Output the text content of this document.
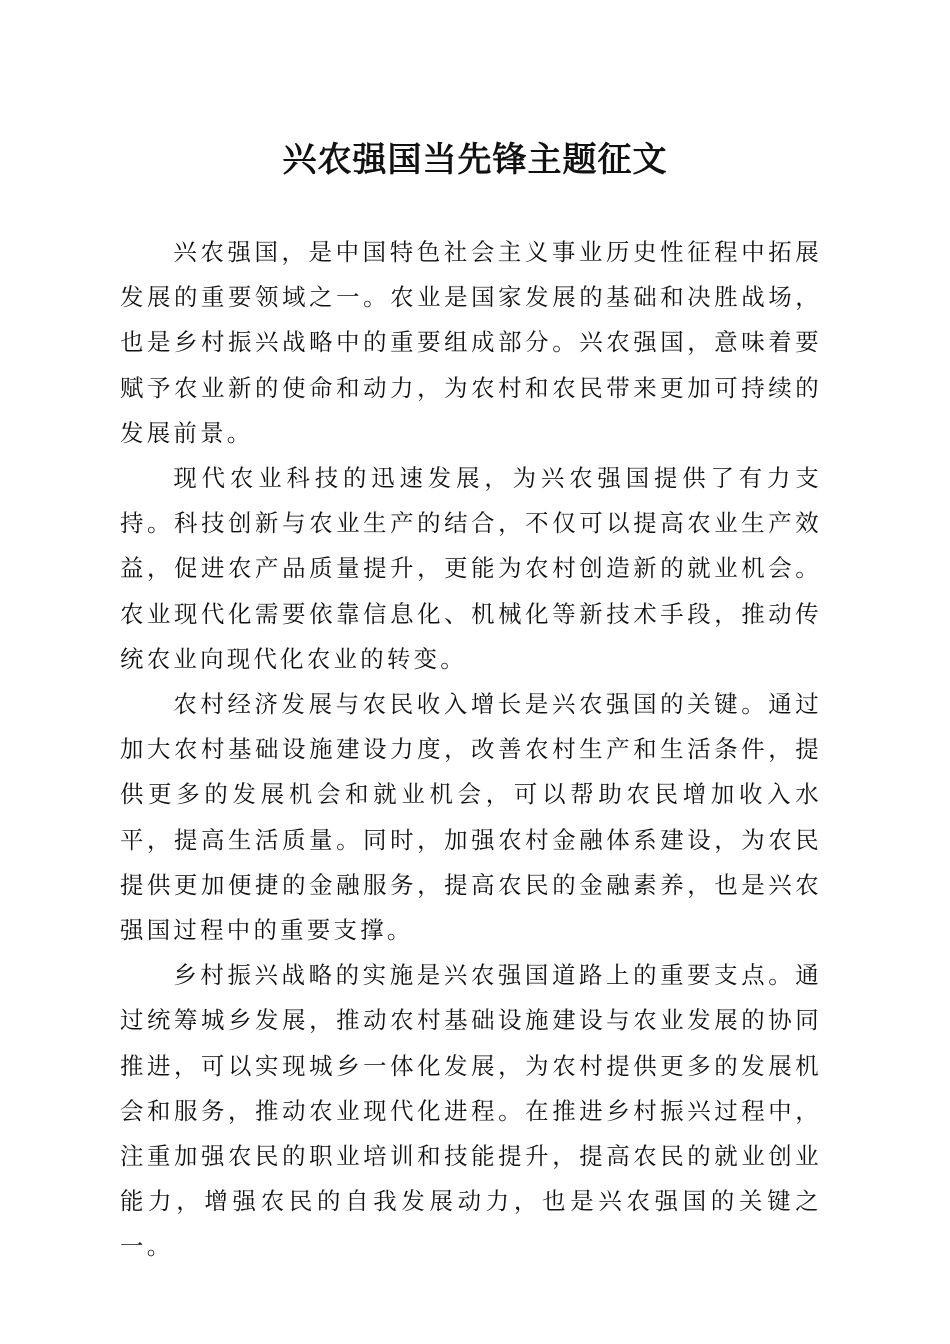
兴农强国当先锋主题征文

兴农强国，是中国特色社会主义事业历史性征程中拓展发展的重要领域之一。农业是国家发展的基础和决胜战场，也是乡村振兴战略中的重要组成部分。兴农强国，意味着要赋予农业新的使命和动力，为农村和农民带来更加可持续的发展前景。

现代农业科技的迅速发展，为兴农强国提供了有力支持。科技创新与农业生产的结合，不仅可以提高农业生产效益，促进农产品质量提升，更能为农村创造新的就业机会。农业现代化需要依靠信息化、机械化等新技术手段，推动传统农业向现代化农业的转变。

农村经济发展与农民收入增长是兴农强国的关键。通过加大农村基础设施建设力度，改善农村生产和生活条件，提供更多的发展机会和就业机会，可以帮助农民增加收入水平，提高生活质量。同时，加强农村金融体系建设，为农民提供更加便捷的金融服务，提高农民的金融素养，也是兴农强国过程中的重要支撑。

乡村振兴战略的实施是兴农强国道路上的重要支点。通过统筹城乡发展，推动农村基础设施建设与农业发展的协同推进，可以实现城乡一体化发展，为农村提供更多的发展机会和服务，推动农业现代化进程。在推进乡村振兴过程中，注重加强农民的职业培训和技能提升，提高农民的就业创业能力，增强农民的自我发展动力，也是兴农强国的关键之一。
